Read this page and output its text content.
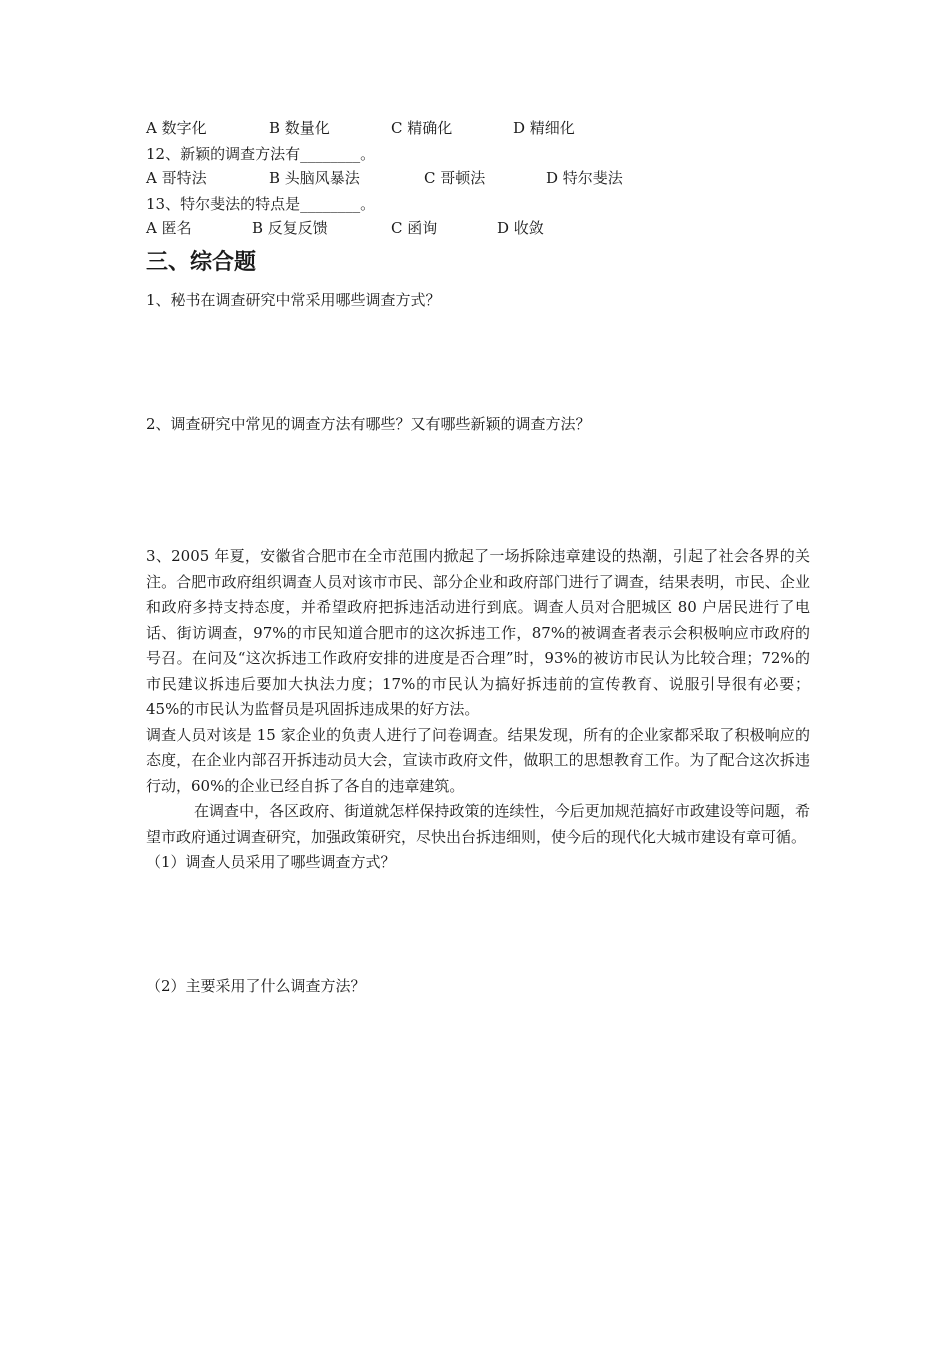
A 数字化	B 数量化	C 精确化	D 精细化
12、新颖的调查方法有________。
A 哥特法	B 头脑风暴法	C 哥顿法	D 特尔斐法
13、特尔斐法的特点是________。
A 匿名	B 反复反馈	C 函询	D 收敛
三、综合题
1、秘书在调查研究中常采用哪些调查方式？
2、调查研究中常见的调查方法有哪些？又有哪些新颖的调查方法？
3、2005 年夏，安徽省合肥市在全市范围内掀起了一场拆除违章建设的热潮，引起了社会各界的关注。合肥市政府组织调查人员对该市市民、部分企业和政府部门进行了调查，结果表明，市民、企业和政府多持支持态度，并希望政府把拆违活动进行到底。调查人员对合肥城区 80 户居民进行了电话、街访调查，97%的市民知道合肥市的这次拆违工作，87%的被调查者表示会积极响应市政府的号召。在问及“这次拆违工作政府安排的进度是否合理”时，93%的被访市民认为比较合理；72%的市民建议拆违后要加大执法力度；17%的市民认为搞好拆违前的宣传教育、说服引导很有必要；45%的市民认为监督员是巩固拆违成果的好方法。
调查人员对该是 15 家企业的负责人进行了问卷调查。结果发现，所有的企业家都采取了积极响应的态度，在企业内部召开拆违动员大会，宣读市政府文件，做职工的思想教育工作。为了配合这次拆违行动，60%的企业已经自拆了各自的违章建筑。
在调查中，各区政府、街道就怎样保持政策的连续性，今后更加规范搞好市政建设等问题，希望市政府通过调查研究，加强政策研究，尽快出台拆违细则，使今后的现代化大城市建设有章可循。
（1）调查人员采用了哪些调查方式？
（2）主要采用了什么调查方法？
